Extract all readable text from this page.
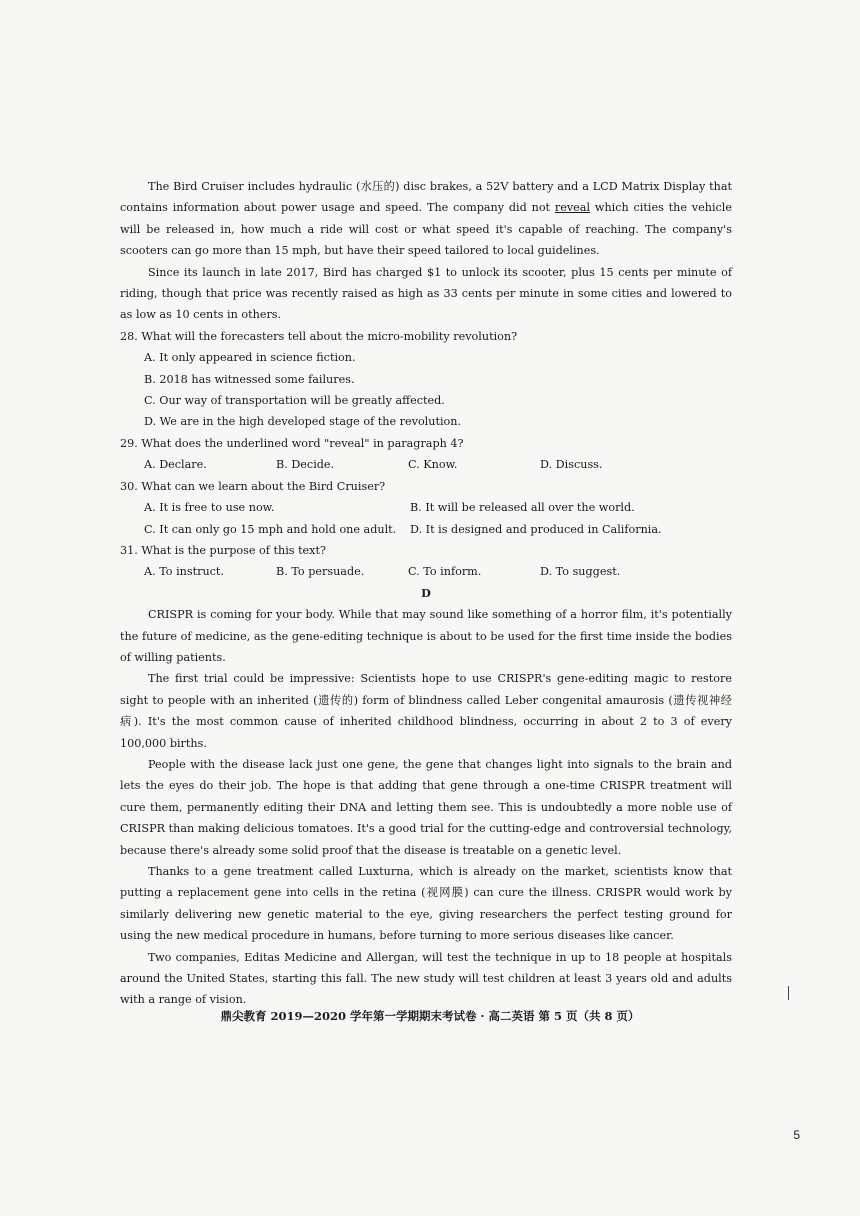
The Bird Cruiser includes hydraulic (水压的) disc brakes, a 52V battery and a LCD Matrix Display that contains information about power usage and speed. The company did not reveal which cities the vehicle will be released in, how much a ride will cost or what speed it's capable of reaching. The company's scooters can go more than 15 mph, but have their speed tailored to local guidelines.

Since its launch in late 2017, Bird has charged $1 to unlock its scooter, plus 15 cents per minute of riding, though that price was recently raised as high as 33 cents per minute in some cities and lowered to as low as 10 cents in others.

28. What will the forecasters tell about the micro-mobility revolution?

A. It only appeared in science fiction.
B. 2018 has witnessed some failures.
C. Our way of transportation will be greatly affected.
D. We are in the high developed stage of the revolution.

29. What does the underlined word "reveal" in paragraph 4?

A. Declare.	B. Decide.	C. Know.	D. Discuss.

30. What can we learn about the Bird Cruiser?

A. It is free to use now.	B. It will be released all over the world.
C. It can only go 15 mph and hold one adult.	D. It is designed and produced in California.

31. What is the purpose of this text?

A. To instruct.	B. To persuade.	C. To inform.	D. To suggest.

D

CRISPR is coming for your body. While that may sound like something of a horror film, it's potentially the future of medicine, as the gene-editing technique is about to be used for the first time inside the bodies of willing patients.

The first trial could be impressive: Scientists hope to use CRISPR's gene-editing magic to restore sight to people with an inherited (遗传的) form of blindness called Leber congenital amaurosis (遗传视神经病). It's the most common cause of inherited childhood blindness, occurring in about 2 to 3 of every 100,000 births.

People with the disease lack just one gene, the gene that changes light into signals to the brain and lets the eyes do their job. The hope is that adding that gene through a one-time CRISPR treatment will cure them, permanently editing their DNA and letting them see. This is undoubtedly a more noble use of CRISPR than making delicious tomatoes. It's a good trial for the cutting-edge and controversial technology, because there's already some solid proof that the disease is treatable on a genetic level.

Thanks to a gene treatment called Luxturna, which is already on the market, scientists know that putting a replacement gene into cells in the retina (视网膜) can cure the illness. CRISPR would work by similarly delivering new genetic material to the eye, giving researchers the perfect testing ground for using the new medical procedure in humans, before turning to more serious diseases like cancer.

Two companies, Editas Medicine and Allergan, will test the technique in up to 18 people at hospitals around the United States, starting this fall. The new study will test children at least 3 years old and adults with a range of vision.

鼎尖教育 2019—2020 学年第一学期期末考试卷 · 高二英语 第 5 页（共 8 页）
5
